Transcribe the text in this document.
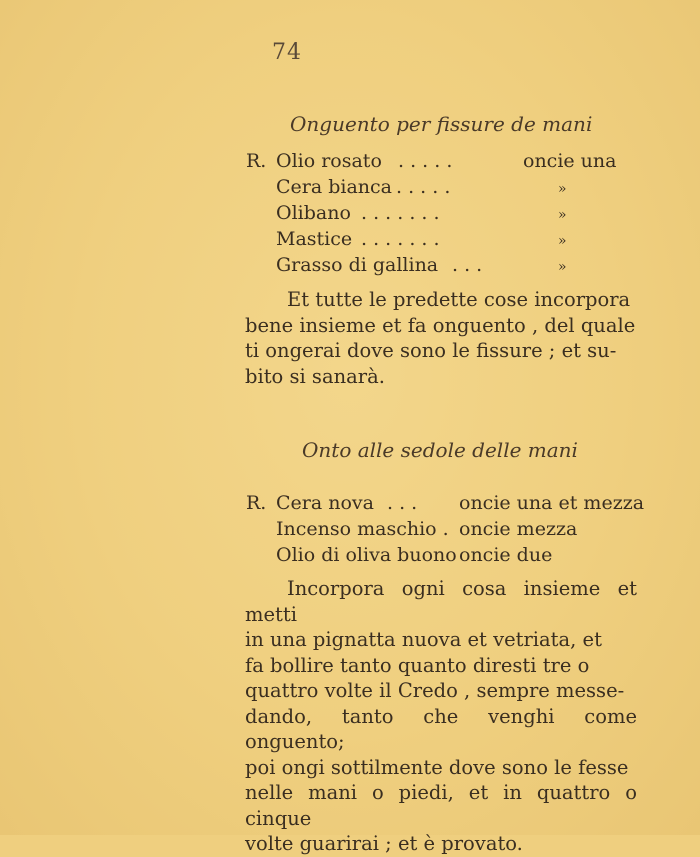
74
Onguento per fissure de mani
R. Olio rosato . . . . .	oncie una
Cera bianca . . . . .	»
Olibano . . . . . . .	»
Mastice . . . . . . .	»
Grasso di gallina . . .	»
Et tutte le predette cose incorpora
bene insieme et fa onguento , del quale
ti ongerai dove sono le fissure ; et su-
bito si sanarà.
Onto alle sedole delle mani
R. Cera nova . . . oncie una et mezza
Incenso maschio . oncie mezza
Olio di oliva buono oncie due
Incorpora ogni cosa insieme et metti
in una pignatta nuova et vetriata, et
fa bollire tanto quanto diresti tre o
quattro volte il Credo , sempre messe-
dando, tanto che venghi come onguento;
poi ongi sottilmente dove sono le fesse
nelle mani o piedi, et in quattro o cinque
volte guarirai ; et è provato.
